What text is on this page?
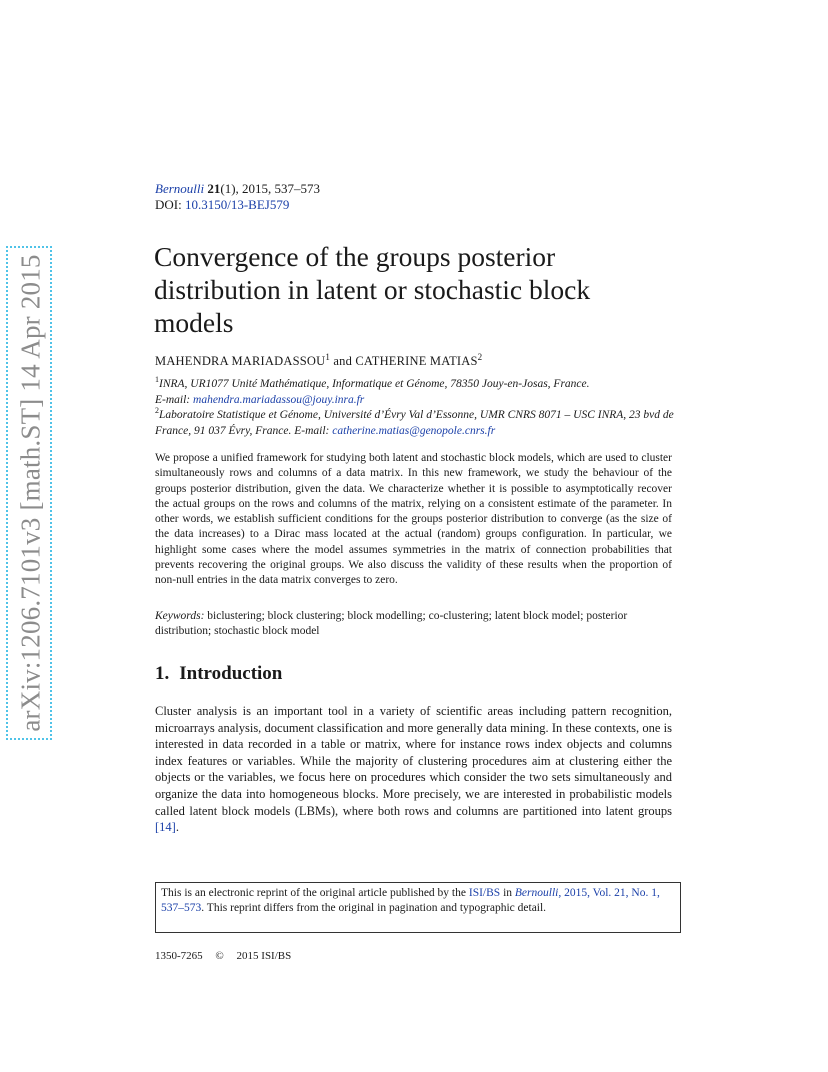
arXiv:1206.7101v3 [math.ST] 14 Apr 2015
Bernoulli 21(1), 2015, 537–573
DOI: 10.3150/13-BEJ579
Convergence of the groups posterior distribution in latent or stochastic block models
MAHENDRA MARIADASSOU$^1$ and CATHERINE MATIAS$^2$
$^1$INRA, UR1077 Unité Mathématique, Informatique et Génome, 78350 Jouy-en-Josas, France.
E-mail: mahendra.mariadassou@jouy.inra.fr
$^2$Laboratoire Statistique et Génome, Université d’Évry Val d’Essonne, UMR CNRS 8071 – USC INRA, 23 bvd de France, 91 037 Évry, France. E-mail: catherine.matias@genopole.cnrs.fr

We propose a unified framework for studying both latent and stochastic block models, which are used to cluster simultaneously rows and columns of a data matrix. In this new framework, we study the behaviour of the groups posterior distribution, given the data. We characterize whether it is possible to asymptotically recover the actual groups on the rows and columns of the matrix, relying on a consistent estimate of the parameter. In other words, we establish sufficient conditions for the groups posterior distribution to converge (as the size of the data increases) to a Dirac mass located at the actual (random) groups configuration. In particular, we highlight some cases where the model assumes symmetries in the matrix of connection probabilities that prevents recovering the original groups. We also discuss the validity of these results when the proportion of non-null entries in the data matrix converges to zero.

Keywords: biclustering; block clustering; block modelling; co-clustering; latent block model; posterior distribution; stochastic block model
1. Introduction

Cluster analysis is an important tool in a variety of scientific areas including pattern recognition, microarrays analysis, document classification and more generally data mining. In these contexts, one is interested in data recorded in a table or matrix, where for instance rows index objects and columns index features or variables. While the majority of clustering procedures aim at clustering either the objects or the variables, we focus here on procedures which consider the two sets simultaneously and organize the data into homogeneous blocks. More precisely, we are interested in probabilistic models called latent block models (LBMs), where both rows and columns are partitioned into latent groups [14].

This is an electronic reprint of the original article published by the ISI/BS in Bernoulli, 2015, Vol. 21, No. 1, 537–573. This reprint differs from the original in pagination and typographic detail.
1350-7265 © 2015 ISI/BS
